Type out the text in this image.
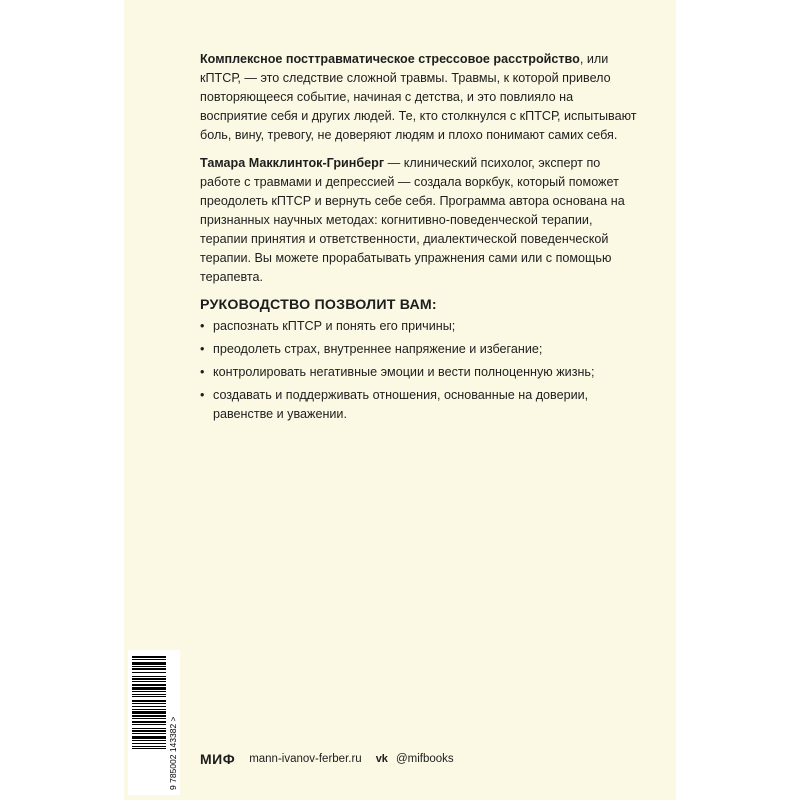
Комплексное посттравматическое стрессовое расстройство, или кПТСР, — это следствие сложной травмы. Травмы, к которой привело повторяющееся событие, начиная с детства, и это повлияло на восприятие себя и других людей. Те, кто столкнулся с кПТСР, испытывают боль, вину, тревогу, не доверяют людям и плохо понимают самих себя.

Тамара Макклинток-Гринберг — клинический психолог, эксперт по работе с травмами и депрессией — создала воркбук, который поможет преодолеть кПТСР и вернуть себе себя. Программа автора основана на признанных научных методах: когнитивно-поведенческой терапии, терапии принятия и ответственности, диалектической поведенческой терапии. Вы можете прорабатывать упражнения сами или с помощью терапевта.

РУКОВОДСТВО ПОЗВОЛИТ ВАМ:
• распознать кПТСР и понять его причины;
• преодолеть страх, внутреннее напряжение и избегание;
• контролировать негативные эмоции и вести полноценную жизнь;
• создавать и поддерживать отношения, основанные на доверии, равенстве и уважении.
9 785002 143382 > МИФ mann-ivanov-ferber.ru vk @mifbooks
